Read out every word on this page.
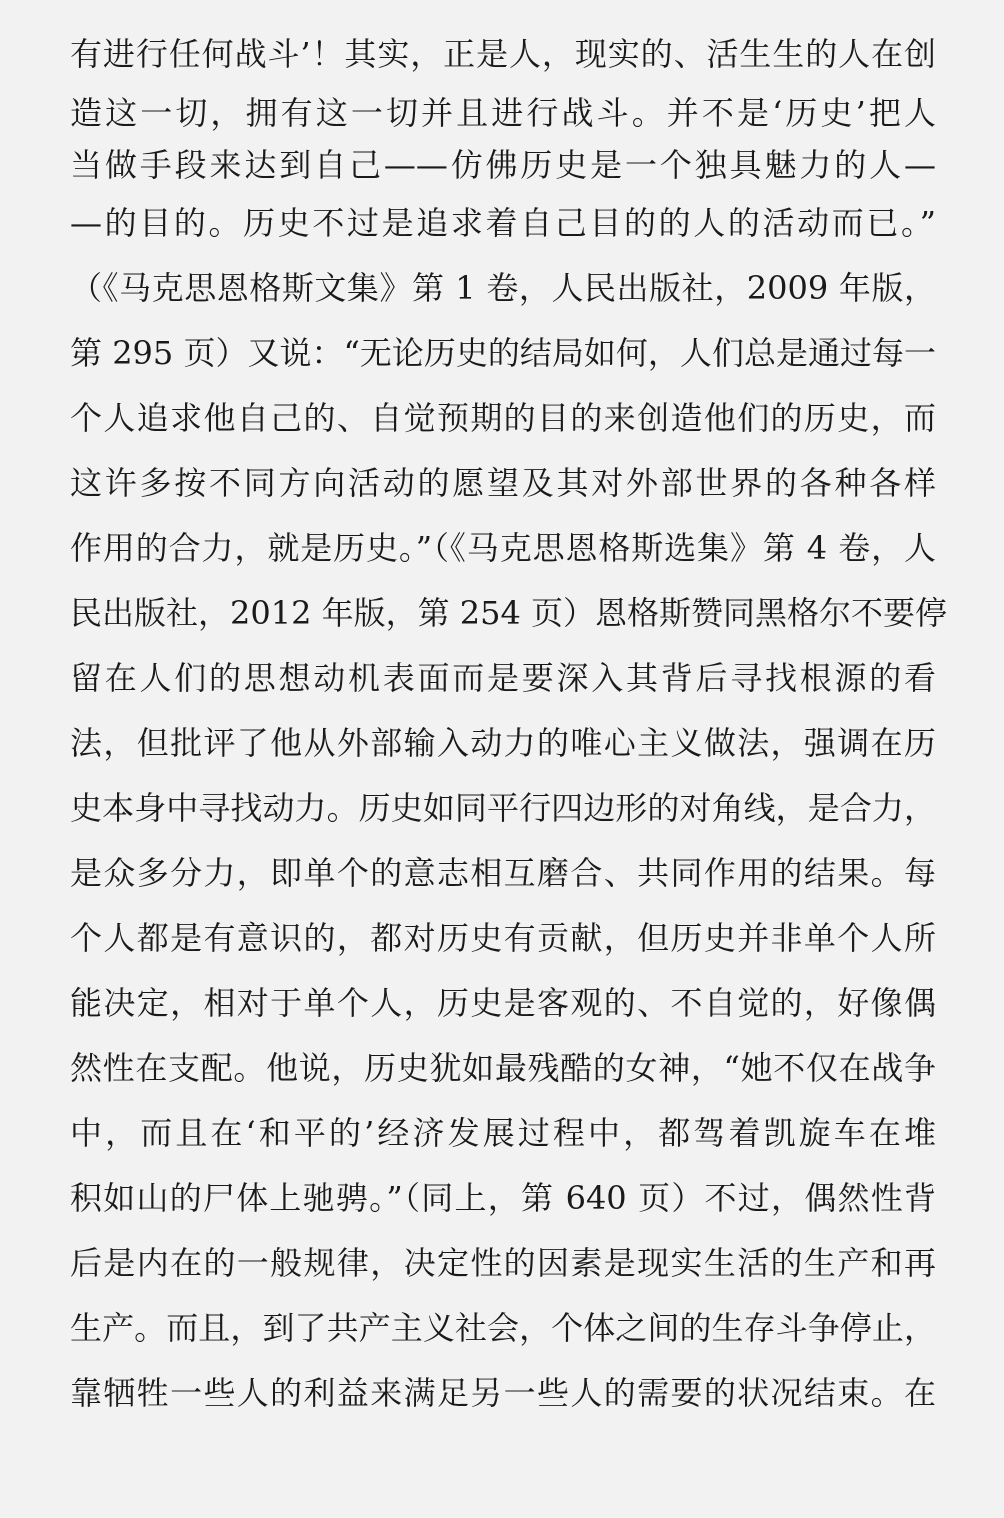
有进行任何战斗’！其实，正是人，现实的、活生生的人在创
造这一切，拥有这一切并且进行战斗。并不是‘历史’把人
当做手段来达到自己——仿佛历史是一个独具魅力的人—
—的目的。历史不过是追求着自己目的的人的活动而已。”
（《马克思恩格斯文集》第 1 卷，人民出版社，2009 年版，
第 295 页）又说：“无论历史的结局如何，人们总是通过每一
个人追求他自己的、自觉预期的目的来创造他们的历史，而
这许多按不同方向活动的愿望及其对外部世界的各种各样
作用的合力，就是历史。”（《马克思恩格斯选集》第 4 卷，人
民出版社，2012 年版，第 254 页）恩格斯赞同黑格尔不要停
留在人们的思想动机表面而是要深入其背后寻找根源的看
法，但批评了他从外部输入动力的唯心主义做法，强调在历
史本身中寻找动力。历史如同平行四边形的对角线，是合力，
是众多分力，即单个的意志相互磨合、共同作用的结果。每
个人都是有意识的，都对历史有贡献，但历史并非单个人所
能决定，相对于单个人，历史是客观的、不自觉的，好像偶
然性在支配。他说，历史犹如最残酷的女神，“她不仅在战争
中，而且在‘和平的’经济发展过程中，都驾着凯旋车在堆
积如山的尸体上驰骋。”（同上，第 640 页）不过，偶然性背
后是内在的一般规律，决定性的因素是现实生活的生产和再
生产。而且，到了共产主义社会，个体之间的生存斗争停止，
靠牺牲一些人的利益来满足另一些人的需要的状况结束。在
